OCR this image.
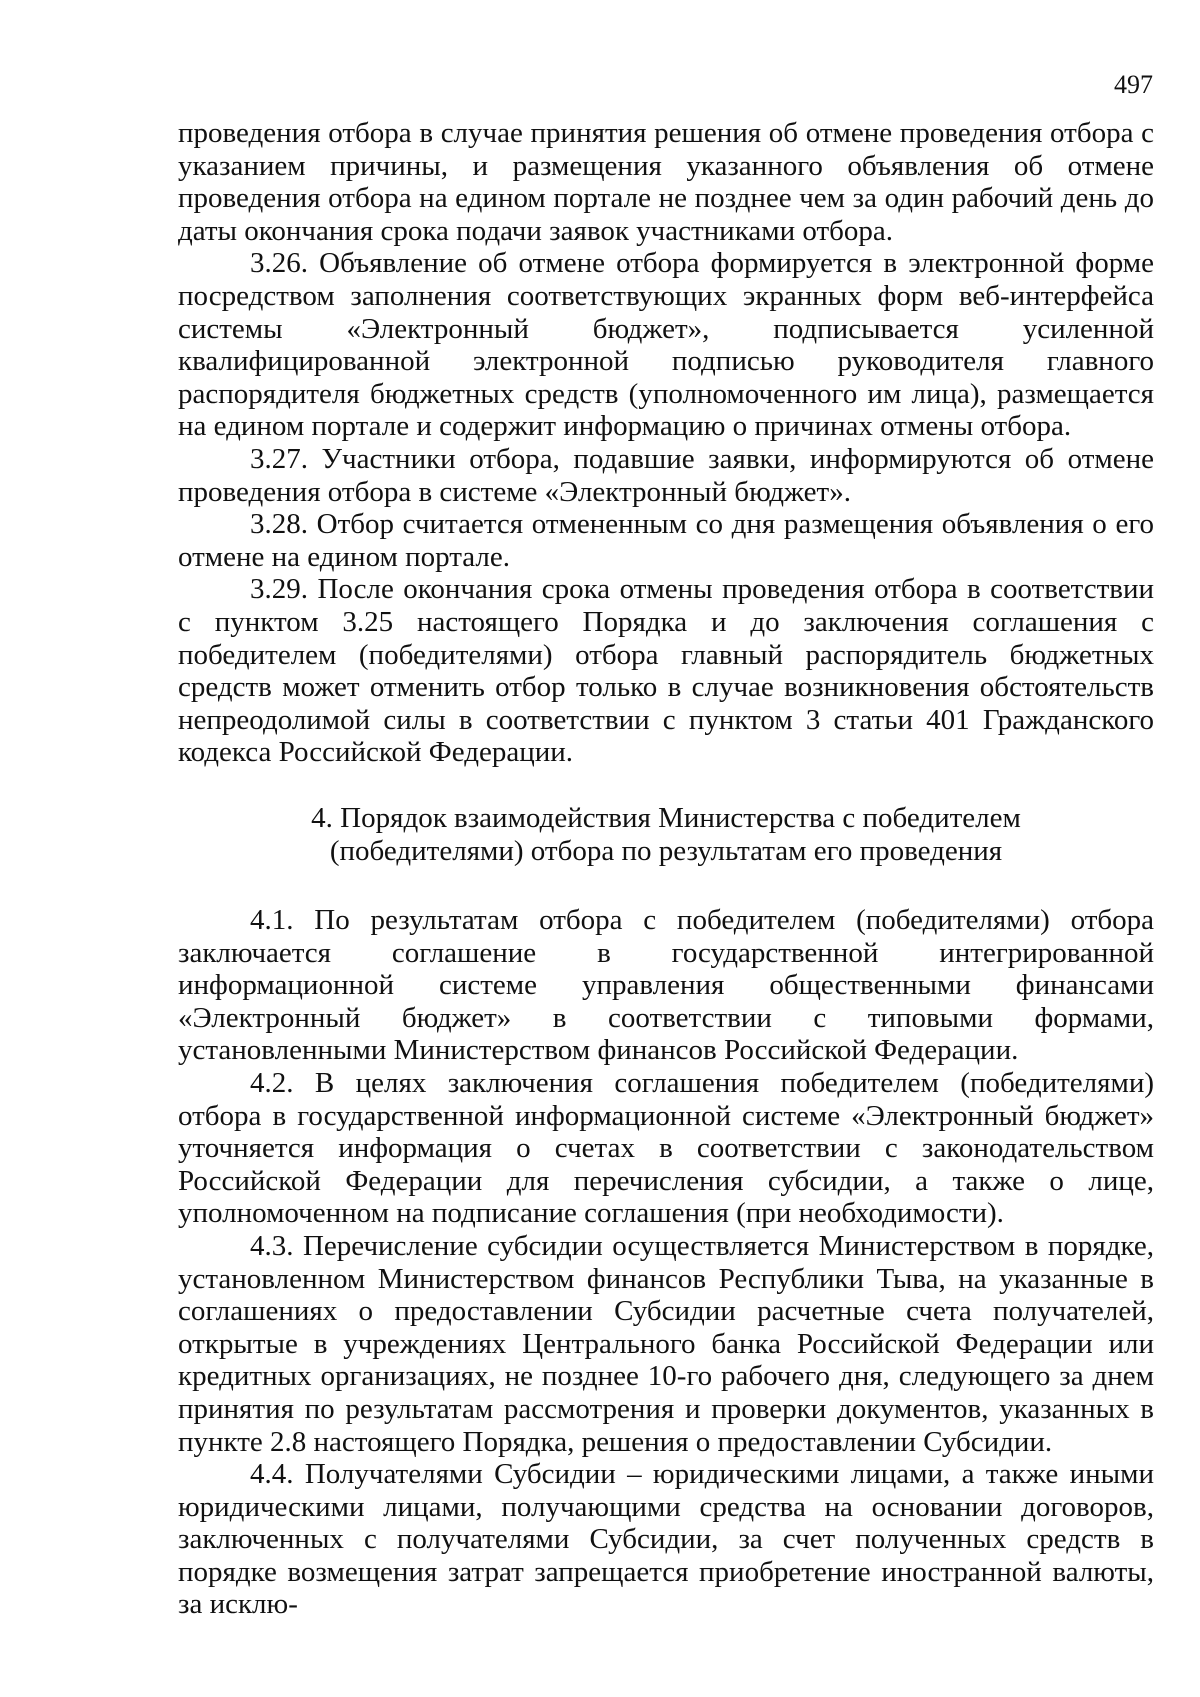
497

проведения отбора в случае принятия решения об отмене проведения отбора с указанием причины, и размещения указанного объявления об отмене проведения отбора на едином портале не позднее чем за один рабочий день до даты окончания срока подачи заявок участниками отбора.

3.26. Объявление об отмене отбора формируется в электронной форме посредством заполнения соответствующих экранных форм веб-интерфейса системы «Электронный бюджет», подписывается усиленной квалифицированной электронной подписью руководителя главного распорядителя бюджетных средств (уполномоченного им лица), размещается на едином портале и содержит информацию о причинах отмены отбора.

3.27. Участники отбора, подавшие заявки, информируются об отмене проведения отбора в системе «Электронный бюджет».

3.28. Отбор считается отмененным со дня размещения объявления о его отмене на едином портале.

3.29. После окончания срока отмены проведения отбора в соответствии с пунктом 3.25 настоящего Порядка и до заключения соглашения с победителем (победителями) отбора главный распорядитель бюджетных средств может отменить отбор только в случае возникновения обстоятельств непреодолимой силы в соответствии с пунктом 3 статьи 401 Гражданского кодекса Российской Федерации.

4. Порядок взаимодействия Министерства с победителем
(победителями) отбора по результатам его проведения

4.1. По результатам отбора с победителем (победителями) отбора заключается соглашение в государственной интегрированной информационной системе управления общественными финансами «Электронный бюджет» в соответствии с типовыми формами, установленными Министерством финансов Российской Федерации.

4.2. В целях заключения соглашения победителем (победителями) отбора в государственной информационной системе «Электронный бюджет» уточняется информация о счетах в соответствии с законодательством Российской Федерации для перечисления субсидии, а также о лице, уполномоченном на подписание соглашения (при необходимости).

4.3. Перечисление субсидии осуществляется Министерством в порядке, установленном Министерством финансов Республики Тыва, на указанные в соглашениях о предоставлении Субсидии расчетные счета получателей, открытые в учреждениях Центрального банка Российской Федерации или кредитных организациях, не позднее 10-го рабочего дня, следующего за днем принятия по результатам рассмотрения и проверки документов, указанных в пункте 2.8 настоящего Порядка, решения о предоставлении Субсидии.

4.4. Получателями Субсидии – юридическими лицами, а также иными юридическими лицами, получающими средства на основании договоров, заключенных с получателями Субсидии, за счет полученных средств в порядке возмещения затрат запрещается приобретение иностранной валюты, за исклю-
